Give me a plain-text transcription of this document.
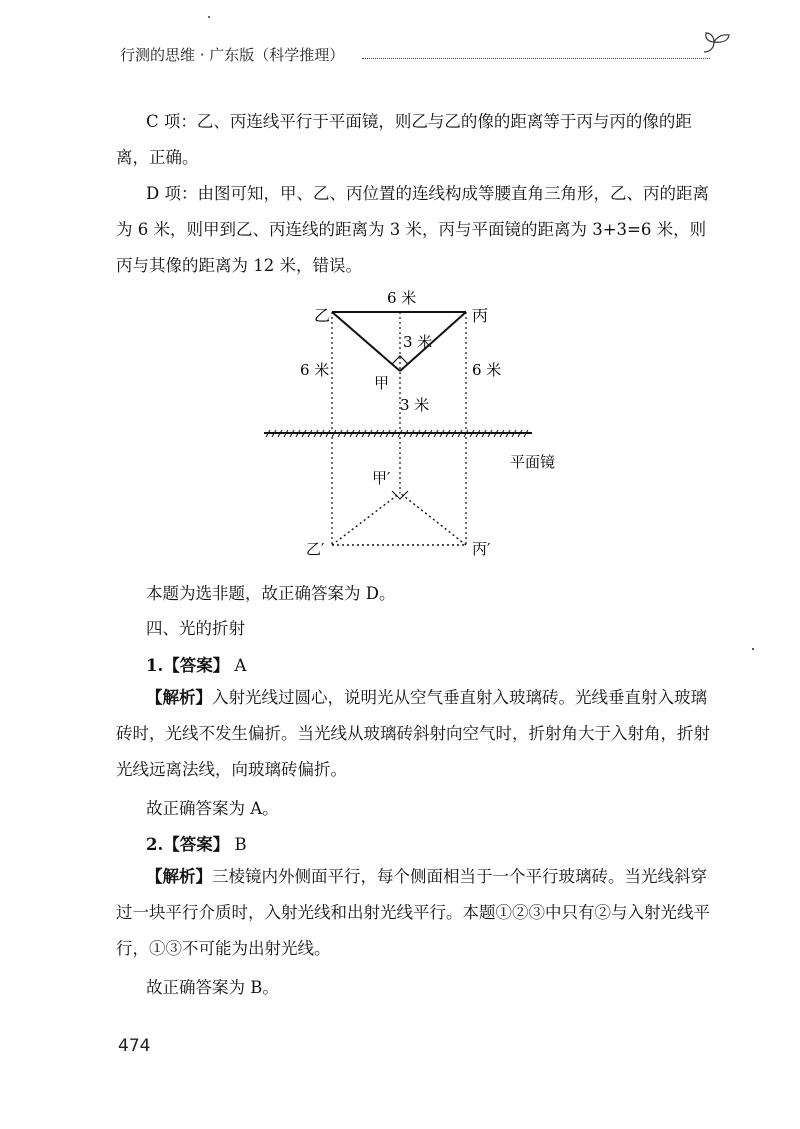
行测的思维 · 广东版（科学推理）

C 项：乙、丙连线平行于平面镜，则乙与乙的像的距离等于丙与丙的像的距离，正确。

D 项：由图可知，甲、乙、丙位置的连线构成等腰直角三角形，乙、丙的距离为 6 米，则甲到乙、丙连线的距离为 3 米，丙与平面镜的距离为 3+3=6 米，则丙与其像的距离为 12 米，错误。

6 米
乙	丙
3 米
6 米	6 米
甲
3 米
平面镜
甲′
乙′	丙′
本题为选非题，故正确答案为 D。
四、光的折射
1.【答案】 A

【解析】入射光线过圆心，说明光从空气垂直射入玻璃砖。光线垂直射入玻璃砖时，光线不发生偏折。当光线从玻璃砖斜射向空气时，折射角大于入射角，折射光线远离法线，向玻璃砖偏折。

故正确答案为 A。
2.【答案】 B

【解析】三棱镜内外侧面平行，每个侧面相当于一个平行玻璃砖。当光线斜穿过一块平行介质时，入射光线和出射光线平行。本题①②③中只有②与入射光线平行，①③不可能为出射光线。

故正确答案为 B。
474
